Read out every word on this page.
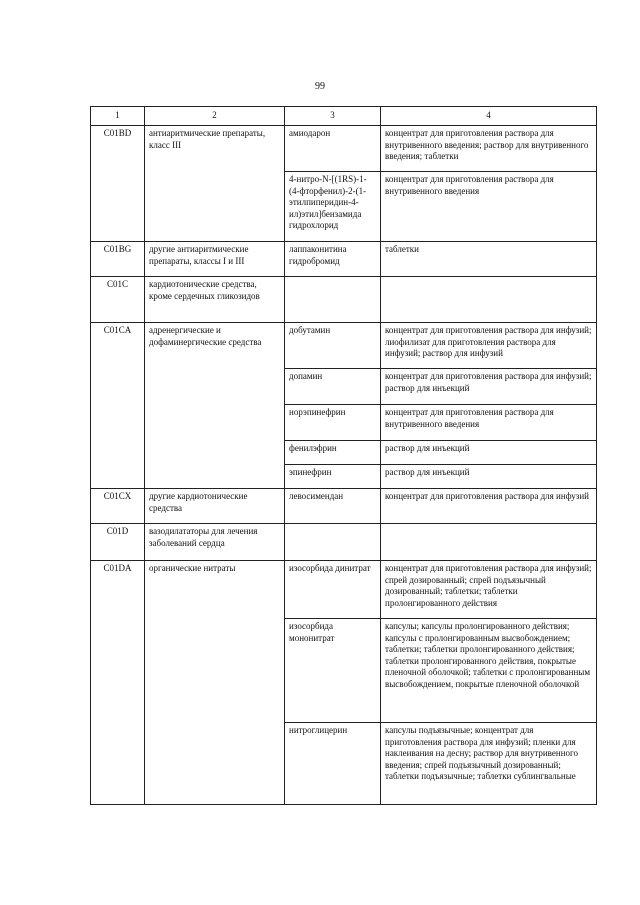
99
1	2	3	4
C01BD	антиаритмические препараты, класс III	амиодарон	концентрат для приготовления раствора для внутривенного введения; раствор для внутривенного введения; таблетки
		4-нитро-N-[(1RS)-1-(4-фторфенил)-2-(1-этилпиперидин-4-ил)этил]бензамида гидрохлорид	концентрат для приготовления раствора для внутривенного введения
C01BG	другие антиаритмические препараты, классы I и III	лаппаконитина гидробромид	таблетки
C01C	кардиотонические средства, кроме сердечных гликозидов		
C01CA	адренергические и дофаминергические средства	добутамин	концентрат для приготовления раствора для инфузий; лиофилизат для приготовления раствора для инфузий; раствор для инфузий
		допамин	концентрат для приготовления раствора для инфузий; раствор для инъекций
		норэпинефрин	концентрат для приготовления раствора для внутривенного введения
		фенилэфрин	раствор для инъекций
		эпинефрин	раствор для инъекций
C01CX	другие кардиотонические средства	левосимендан	концентрат для приготовления раствора для инфузий
C01D	вазодилататоры для лечения заболеваний сердца		
C01DA	органические нитраты	изосорбида динитрат	концентрат для приготовления раствора для инфузий; спрей дозированный; спрей подъязычный дозированный; таблетки; таблетки пролонгированного действия
		изосорбида мононитрат	капсулы; капсулы пролонгированного действия; капсулы с пролонгированным высвобождением; таблетки; таблетки пролонгированного действия; таблетки пролонгированного действия, покрытые пленочной оболочкой; таблетки с пролонгированным высвобождением, покрытые пленочной оболочкой
		нитроглицерин	капсулы подъязычные; концентрат для приготовления раствора для инфузий; пленки для наклеивания на десну; раствор для внутривенного введения; спрей подъязычный дозированный; таблетки подъязычные; таблетки сублингвальные
